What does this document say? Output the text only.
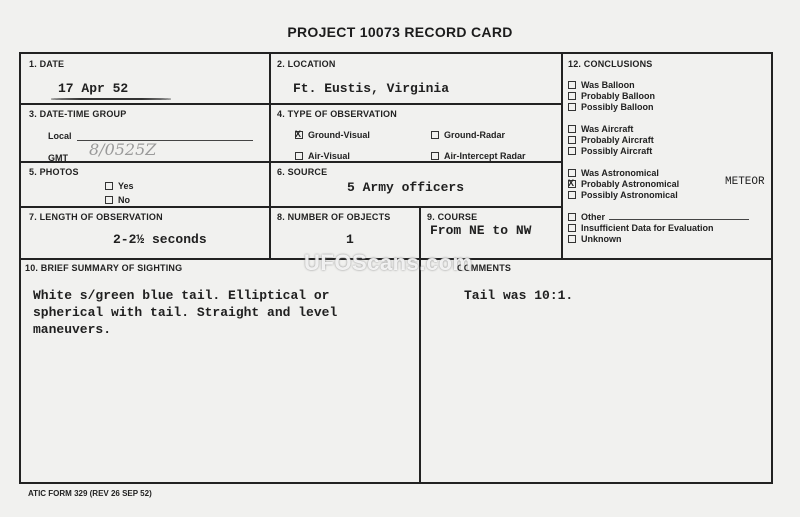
PROJECT 10073 RECORD CARD
1. DATE
17 Apr 52
2. LOCATION
Ft. Eustis, Virginia
12. CONCLUSIONS
Was Balloon
Probably Balloon
Possibly Balloon
Was Aircraft
Probably Aircraft
Possibly Aircraft
Was Astronomical
X Probably Astronomical
Possibly Astronomical
METEOR
Other
Insufficient Data for Evaluation
Unknown
3. DATE-TIME GROUP
Local
GMT 8/0525Z
4. TYPE OF OBSERVATION
X Ground-Visual	Ground-Radar
Air-Visual	Air-Intercept Radar
5. PHOTOS
Yes
No
6. SOURCE
5 Army officers
7. LENGTH OF OBSERVATION
2-2½ seconds
8. NUMBER OF OBJECTS
1
9. COURSE
From NE to NW
10. BRIEF SUMMARY OF SIGHTING
White s/green blue tail. Elliptical or
spherical with tail. Straight and level
maneuvers.
COMMENTS
Tail was 10:1.
UFOScans.com
ATIC FORM 329 (REV 26 SEP 52)
